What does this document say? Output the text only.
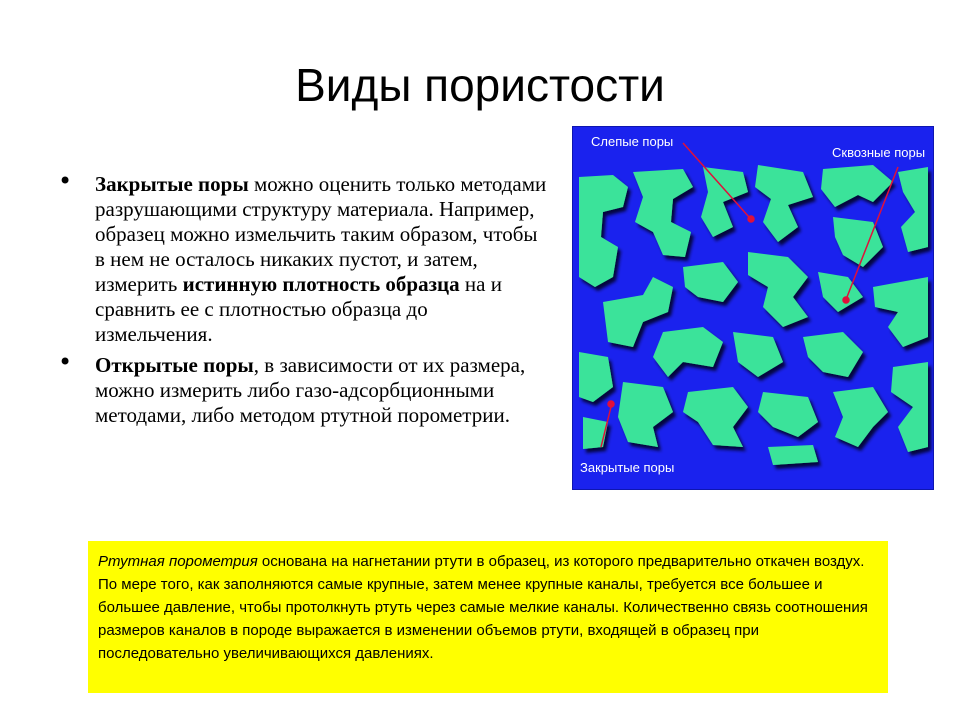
Виды пористости
• Закрытые поры можно оценить только методами разрушающими структуру материала. Например, образец можно измельчить таким образом, чтобы в нем не осталось никаких пустот, и затем, измерить истинную плотность образца на и сравнить ее с плотностью образца до измельчения.
• Открытые поры, в зависимости от их размера, можно измерить либо газо-адсорбционными методами, либо методом ртутной порометрии.
Слепые поры
Сквозные поры
Закрытые поры
Ртутная порометрия основана на нагнетании ртути в образец, из которого предварительно откачен воздух. По мере того, как заполняются самые крупные, затем менее крупные каналы, требуется все большее и большее давление, чтобы протолкнуть ртуть через самые мелкие каналы. Количественно связь соотношения размеров каналов в породе выражается в изменении объемов ртути, входящей в образец при последовательно увеличивающихся давлениях.
